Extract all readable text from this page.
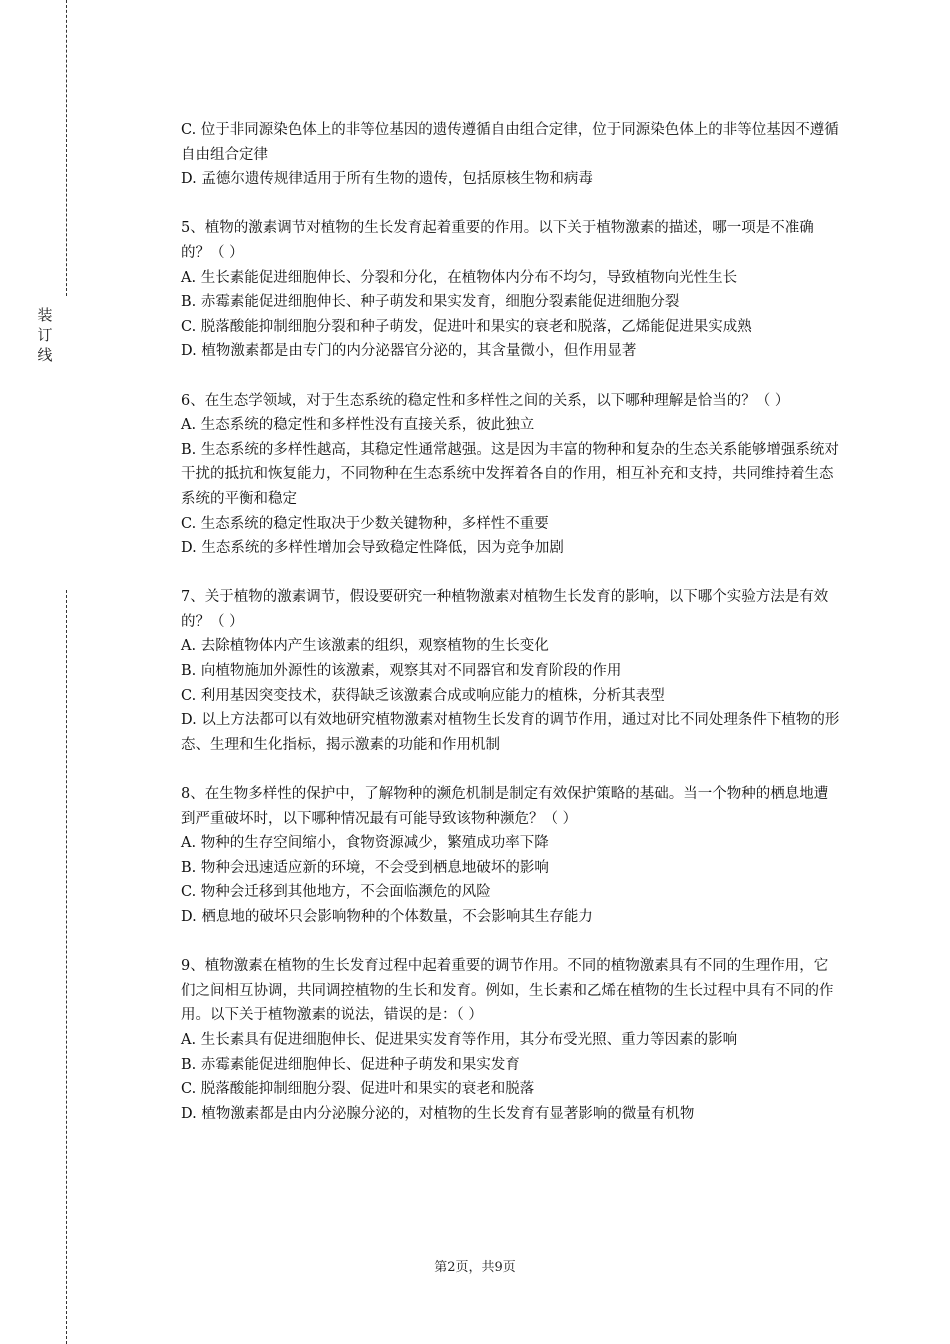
装
订
线

C. 位于非同源染色体上的非等位基因的遗传遵循自由组合定律，位于同源染色体上的非等位基因不遵循自由组合定律

D. 孟德尔遗传规律适用于所有生物的遗传，包括原核生物和病毒

5、植物的激素调节对植物的生长发育起着重要的作用。以下关于植物激素的描述，哪一项是不准确的？（ ）

A. 生长素能促进细胞伸长、分裂和分化，在植物体内分布不均匀，导致植物向光性生长

B. 赤霉素能促进细胞伸长、种子萌发和果实发育，细胞分裂素能促进细胞分裂

C. 脱落酸能抑制细胞分裂和种子萌发，促进叶和果实的衰老和脱落，乙烯能促进果实成熟

D. 植物激素都是由专门的内分泌器官分泌的，其含量微小，但作用显著

6、在生态学领域，对于生态系统的稳定性和多样性之间的关系，以下哪种理解是恰当的？（ ）

A. 生态系统的稳定性和多样性没有直接关系，彼此独立

B. 生态系统的多样性越高，其稳定性通常越强。这是因为丰富的物种和复杂的生态关系能够增强系统对干扰的抵抗和恢复能力，不同物种在生态系统中发挥着各自的作用，相互补充和支持，共同维持着生态系统的平衡和稳定

C. 生态系统的稳定性取决于少数关键物种，多样性不重要

D. 生态系统的多样性增加会导致稳定性降低，因为竞争加剧

7、关于植物的激素调节，假设要研究一种植物激素对植物生长发育的影响，以下哪个实验方法是有效的？（ ）

A. 去除植物体内产生该激素的组织，观察植物的生长变化

B. 向植物施加外源性的该激素，观察其对不同器官和发育阶段的作用

C. 利用基因突变技术，获得缺乏该激素合成或响应能力的植株，分析其表型

D. 以上方法都可以有效地研究植物激素对植物生长发育的调节作用，通过对比不同处理条件下植物的形态、生理和生化指标，揭示激素的功能和作用机制

8、在生物多样性的保护中，了解物种的濒危机制是制定有效保护策略的基础。当一个物种的栖息地遭到严重破坏时，以下哪种情况最有可能导致该物种濒危？（ ）

A. 物种的生存空间缩小，食物资源减少，繁殖成功率下降

B. 物种会迅速适应新的环境，不会受到栖息地破坏的影响

C. 物种会迁移到其他地方，不会面临濒危的风险

D. 栖息地的破坏只会影响物种的个体数量，不会影响其生存能力

9、植物激素在植物的生长发育过程中起着重要的调节作用。不同的植物激素具有不同的生理作用，它们之间相互协调，共同调控植物的生长和发育。例如，生长素和乙烯在植物的生长过程中具有不同的作用。以下关于植物激素的说法，错误的是：（ ）

A. 生长素具有促进细胞伸长、促进果实发育等作用，其分布受光照、重力等因素的影响

B. 赤霉素能促进细胞伸长、促进种子萌发和果实发育

C. 脱落酸能抑制细胞分裂、促进叶和果实的衰老和脱落

D. 植物激素都是由内分泌腺分泌的，对植物的生长发育有显著影响的微量有机物

第2页，共9页
